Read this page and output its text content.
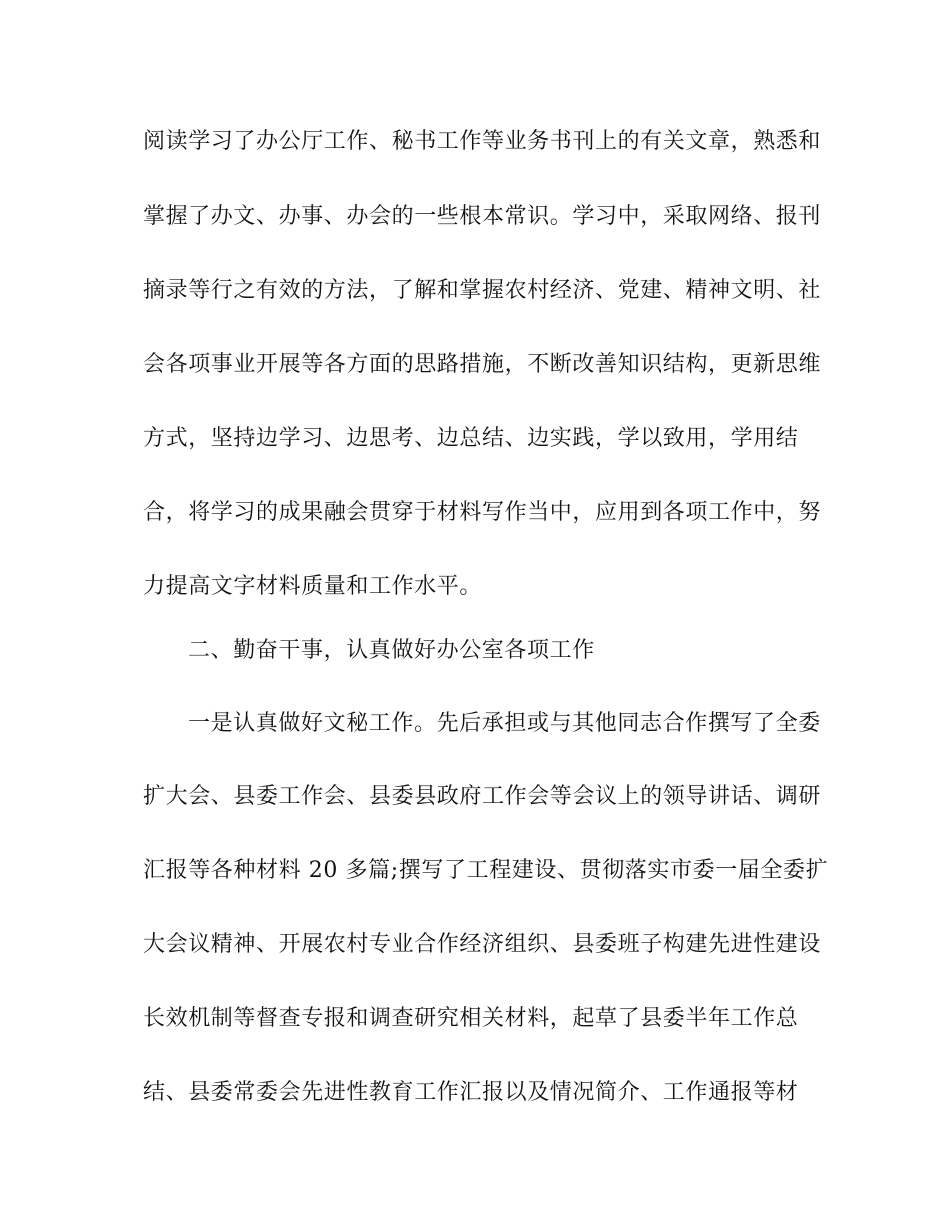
阅读学习了办公厅工作、秘书工作等业务书刊上的有关文章，熟悉和
掌握了办文、办事、办会的一些根本常识。学习中，采取网络、报刊
摘录等行之有效的方法，了解和掌握农村经济、党建、精神文明、社
会各项事业开展等各方面的思路措施，不断改善知识结构，更新思维
方式，坚持边学习、边思考、边总结、边实践，学以致用，学用结
合，将学习的成果融会贯穿于材料写作当中，应用到各项工作中，努
力提高文字材料质量和工作水平。
二、勤奋干事，认真做好办公室各项工作
一是认真做好文秘工作。先后承担或与其他同志合作撰写了全委
扩大会、县委工作会、县委县政府工作会等会议上的领导讲话、调研
汇报等各种材料 20 多篇;撰写了工程建设、贯彻落实市委一届全委扩
大会议精神、开展农村专业合作经济组织、县委班子构建先进性建设
长效机制等督查专报和调查研究相关材料，起草了县委半年工作总
结、县委常委会先进性教育工作汇报以及情况简介、工作通报等材
